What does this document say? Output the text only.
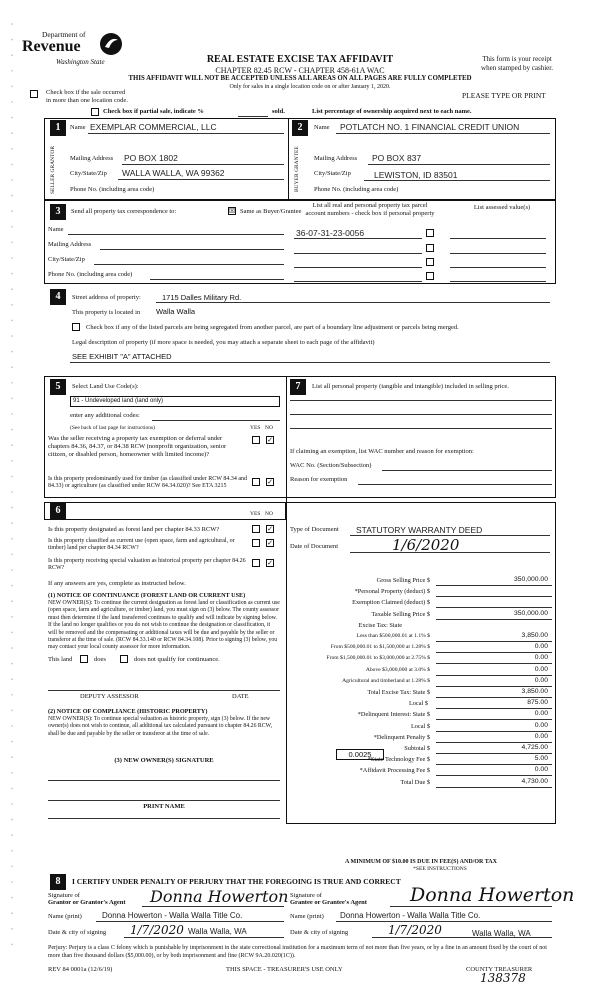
Department of
Revenue
Washington State	REAL ESTATE EXCISE TAX AFFIDAVIT
CHAPTER 82.45 RCW - CHAPTER 458-61A WAC
This form is your receipt
when stamped by cashier.
THIS AFFIDAVIT WILL NOT BE ACCEPTED UNLESS ALL AREAS ON ALL PAGES ARE FULLY COMPLETED
Check box if the sale occurred
in more than one location code.
Only for sales in a single location code on or after January 1, 2020.
PLEASE TYPE OR PRINT
Check box if partial sale, indicate %	sold.	List percentage of ownership acquired next to each name.
1	Name EXEMPLAR COMMERCIAL, LLC
SELLER GRANTOR	Mailing Address PO BOX 1802
City/State/Zip WALLA WALLA, WA 99362
Phone No. (including area code)
2	Name POTLATCH NO. 1 FINANCIAL CREDIT UNION
BUYER GRANTEE	Mailing Address PO BOX 837
City/State/Zip	LEWISTON, ID 83501
Phone No. (including area code)
3	Send all property tax correspondence to:	☒ Same as Buyer/Grantee
List all real and personal property tax parcel
account numbers - check box if personal property
List assessed value(s)
Name
Mailing Address
City/State/Zip
Phone No. (including area code)
36-07-31-23-0056
4	Street address of property:	1715 Dalles Military Rd.
This property is located in Walla Walla
Check box if any of the listed parcels are being segregated from another parcel, are part of a boundary line adjustment or parcels being merged.
Legal description of property (if more space is needed, you may attach a separate sheet to each page of the affidavit)
SEE EXHIBIT "A" ATTACHED
5	Select Land Use Code(s):
91 - Undeveloped land (land only)
enter any additional codes:
(See back of last page for instructions)	YES NO
Was the seller receiving a property tax exemption or deferral under chapters 84.36, 84.37, or 84.38 RCW (nonprofit organization, senior citizen, or disabled person, homeowner with limited income)?
✓
Is this property predominantly used for timber (as classified under RCW 84.34 and 84.33) or agriculture (as classified under RCW 84.34.020)? See ETA 3215	✓
7	List all personal property (tangible and intangible) included in selling price.
If claiming an exemption, list WAC number and reason for exemption:
WAC No. (Section/Subsection)
Reason for exemption
6	YES NO
Is this property designated as forest land per chapter 84.33 RCW?	✓
Is this property classified as current use (open space, farm and agricultural, or timber) land per chapter 84.34 RCW?
✓
Is this property receiving special valuation as historical property per chapter 84.26 RCW?
✓
If any answers are yes, complete as instructed below.
(1) NOTICE OF CONTINUANCE (FOREST LAND OR CURRENT USE)
NEW OWNER(S): To continue the current designation as forest land or classification as current use (open space, farm and agriculture, or timber) land, you must sign on (3) below. The county assessor must then determine if the land transferred continues to qualify and will indicate by signing below. If the land no longer qualifies or you do not wish to continue the designation or classification, it will be removed and the compensating or additional taxes will be due and payable by the seller or transferor at the time of sale. (RCW 84.33.140 or RCW 84.34.108). Prior to signing (3) below, you may contact your local county assessor for more information.
This land	does	does not qualify for continuance.
DEPUTY ASSESSOR	DATE
(2) NOTICE OF COMPLIANCE (HISTORIC PROPERTY)
NEW OWNER(S): To continue special valuation as historic property, sign (3) below. If the new owner(s) does not wish to continue, all additional tax calculated pursuant to chapter 84.26 RCW, shall be due and payable by the seller or transferor at the time of sale.
(3) NEW OWNER(S) SIGNATURE
PRINT NAME
Type of Document STATUTORY WARRANTY DEED
Date of Document	1/6/2020
Gross Selling Price $	350,000.00
*Personal Property (deduct) $
Exemption Claimed (deduct) $
Taxable Selling Price $	350,000.00
Excise Tax: State
Less than $500,000.01 at 1.1% $	3,850.00
From $500,000.01 to $1,500,000 at 1.28% $	0.00
From $1,500,000.01 to $3,000,000 at 2.75% $	0.00
Above $3,000,000 at 3.0% $	0.00
Agricultural and timberland at 1.28% $	0.00
Total Excise Tax: State $	3,850.00
Local $	875.00
*Delinquent Interest: State $	0.00
Local $	0.00
*Delinquent Penalty $	0.00
Subtotal $	4,725.00
*State Technology Fee $	5.00
*Affidavit Processing Fee $	0.00
Total Due $	4,730.00
0.0025
A MINIMUM OF $10.00 IS DUE IN FEE(S) AND/OR TAX
*SEE INSTRUCTIONS
8	I CERTIFY UNDER PENALTY OF PERJURY THAT THE FOREGOING IS TRUE AND CORRECT
Signature of
Grantor or Grantor's Agent Donna Howerton Signature of
Grantee or Grantee's Agent Donna Howerton
Name (print)	Donna Howerton - Walla Walla Title Co.	Name (print) Donna Howerton - Walla Walla Title Co.
Date & city of signing 1/7/2020 Walla Walla, WA	Date & city of signing	1/7/2020	Walla Walla, WA
Perjury: Perjury is a class C felony which is punishable by imprisonment in the state correctional institution for a maximum term of not more than five years, or by a fine in an amount fixed by the court of not more than five thousand dollars ($5,000.00), or by both imprisonment and fine (RCW 9A.20.020(1C)).
REV 84 0001a (12/6/19)	THIS SPACE - TREASURER'S USE ONLY	COUNTY TREASURER
138378
